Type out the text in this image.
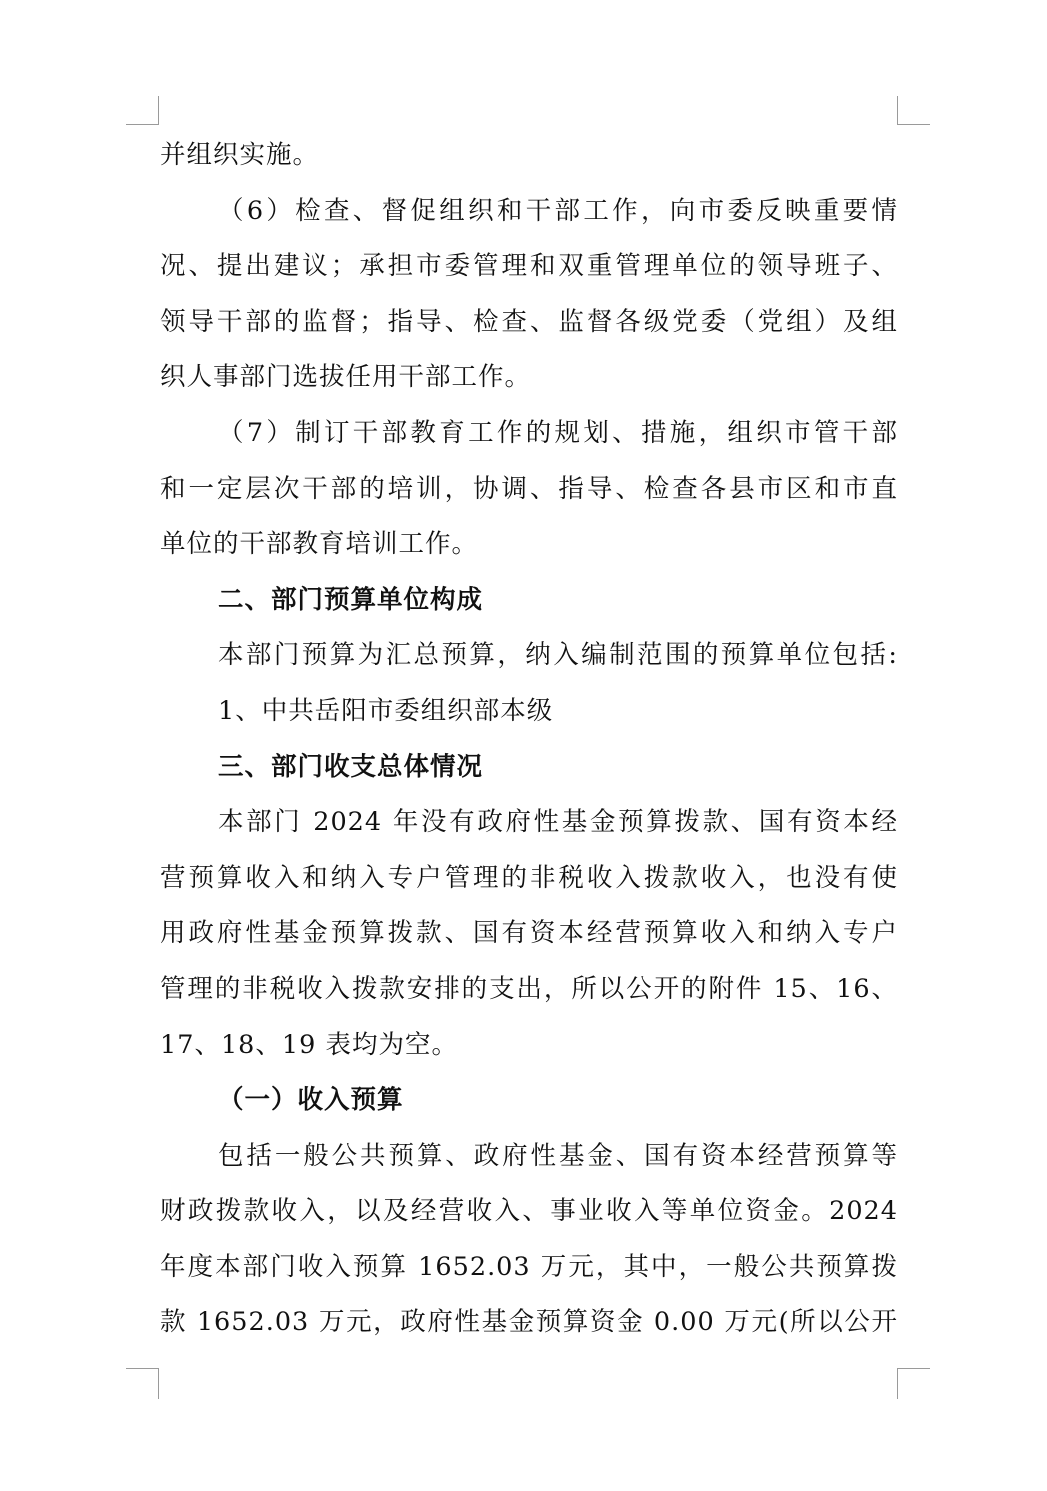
并组织实施。
（6）检查、督促组织和干部工作，向市委反映重要情
况、提出建议；承担市委管理和双重管理单位的领导班子、
领导干部的监督；指导、检查、监督各级党委（党组）及组
织人事部门选拔任用干部工作。
（7）制订干部教育工作的规划、措施，组织市管干部
和一定层次干部的培训，协调、指导、检查各县市区和市直
单位的干部教育培训工作。
二、部门预算单位构成
本部门预算为汇总预算，纳入编制范围的预算单位包括:
1、中共岳阳市委组织部本级
三、部门收支总体情况
本部门 2024 年没有政府性基金预算拨款、国有资本经
营预算收入和纳入专户管理的非税收入拨款收入，也没有使
用政府性基金预算拨款、国有资本经营预算收入和纳入专户
管理的非税收入拨款安排的支出，所以公开的附件 15、16、
17、18、19 表均为空。
（一）收入预算
包括一般公共预算、政府性基金、国有资本经营预算等
财政拨款收入，以及经营收入、事业收入等单位资金。2024
年度本部门收入预算 1652.03 万元，其中，一般公共预算拨
款 1652.03 万元，政府性基金预算资金 0.00 万元(所以公开
